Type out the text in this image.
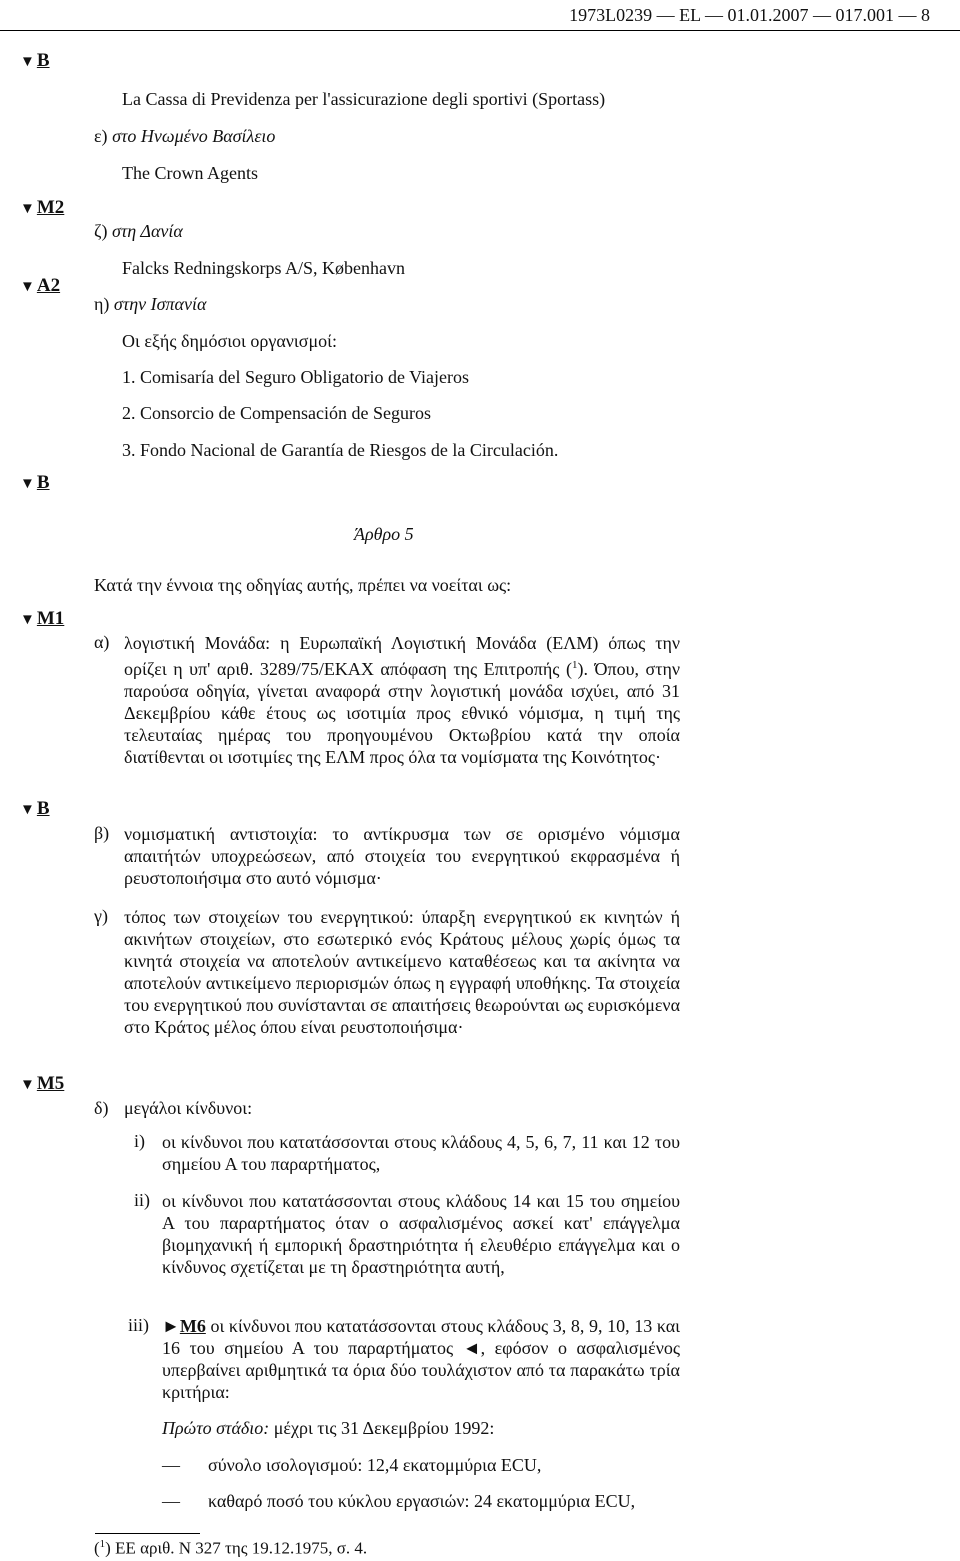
1973L0239 — EL — 01.01.2007 — 017.001 — 8
▼ B
▼ M2
▼ A2
▼ B
▼ M1
▼ B
▼ M5
La Cassa di Previdenza per l'assicurazione degli sportivi (Sportass)
ε) στο Ηνωμένο Βασίλειο
The Crown Agents
ζ) στη Δανία
Falcks Redningskorps A/S, København
η) στην Ισπανία
Οι εξής δημόσιοι οργανισμοί:
1. Comisaría del Seguro Obligatorio de Viajeros
2. Consorcio de Compensación de Seguros
3. Fondo Nacional de Garantía de Riesgos de la Circulación.
Άρθρο 5
Κατά την έννοια της οδηγίας αυτής, πρέπει να νοείται ως:
α) λογιστική Μονάδα: η Ευρωπαϊκή Λογιστική Μονάδα (ΕΛΜ) όπως την ορίζει η υπ' αριθ. 3289/75/ΕΚΑΧ απόφαση της Επιτροπής ($^1$). Όπου, στην παρούσα οδηγία, γίνεται αναφορά στην λογιστική μονάδα ισχύει, από 31 Δεκεμβρίου κάθε έτους ως ισοτιμία προς εθνικό νόμισμα, η τιμή της τελευταίας ημέρας του προηγουμένου Οκτωβρίου κατά την οποία διατίθενται οι ισοτιμίες της ΕΛΜ προς όλα τα νομίσματα της Κοινότητος·
β) νομισματική αντιστοιχία: το αντίκρυσμα των σε ορισμένο νόμισμα απαιτήτών υποχρεώσεων, από στοιχεία του ενεργητικού εκφρασμένα ή ρευστοποιήσιμα στο αυτό νόμισμα·
γ) τόπος των στοιχείων του ενεργητικού: ύπαρξη ενεργητικού εκ κινητών ή ακινήτων στοιχείων, στο εσωτερικό ενός Κράτους μέλους χωρίς όμως τα κινητά στοιχεία να αποτελούν αντικείμενο καταθέσεως και τα ακίνητα να αποτελούν αντικείμενο περιορισμών όπως η εγγραφή υποθήκης. Τα στοιχεία του ενεργητικού που συνίστανται σε απαιτήσεις θεωρούνται ως ευρισκόμενα στο Κράτος μέλος όπου είναι ρευστοποιήσιμα·
δ) μεγάλοι κίνδυνοι:
i) οι κίνδυνοι που κατατάσσονται στους κλάδους 4, 5, 6, 7, 11 και 12 του σημείου Α του παραρτήματος,
ii) οι κίνδυνοι που κατατάσσονται στους κλάδους 14 και 15 του σημείου Α του παραρτήματος όταν ο ασφαλισμένος ασκεί κατ' επάγγελμα βιομηχανική ή εμπορική δραστηριότητα ή ελευθέριο επάγγελμα και ο κίνδυνος σχετίζεται με τη δραστηριότητα αυτή,
iii) ►M6 οι κίνδυνοι που κατατάσσονται στους κλάδους 3, 8, 9, 10, 13 και 16 του σημείου Α του παραρτήματος ◄, εφόσον ο ασφαλισμένος υπερβαίνει αριθμητικά τα όρια δύο τουλάχιστον από τα παρακάτω τρία κριτήρια:
Πρώτο στάδιο: μέχρι τις 31 Δεκεμβρίου 1992:
— σύνολο ισολογισμού: 12,4 εκατομμύρια ECU,
— καθαρό ποσό του κύκλου εργασιών: 24 εκατομμύρια ECU,
($^1$) ΕΕ αριθ. Ν 327 της 19.12.1975, σ. 4.
